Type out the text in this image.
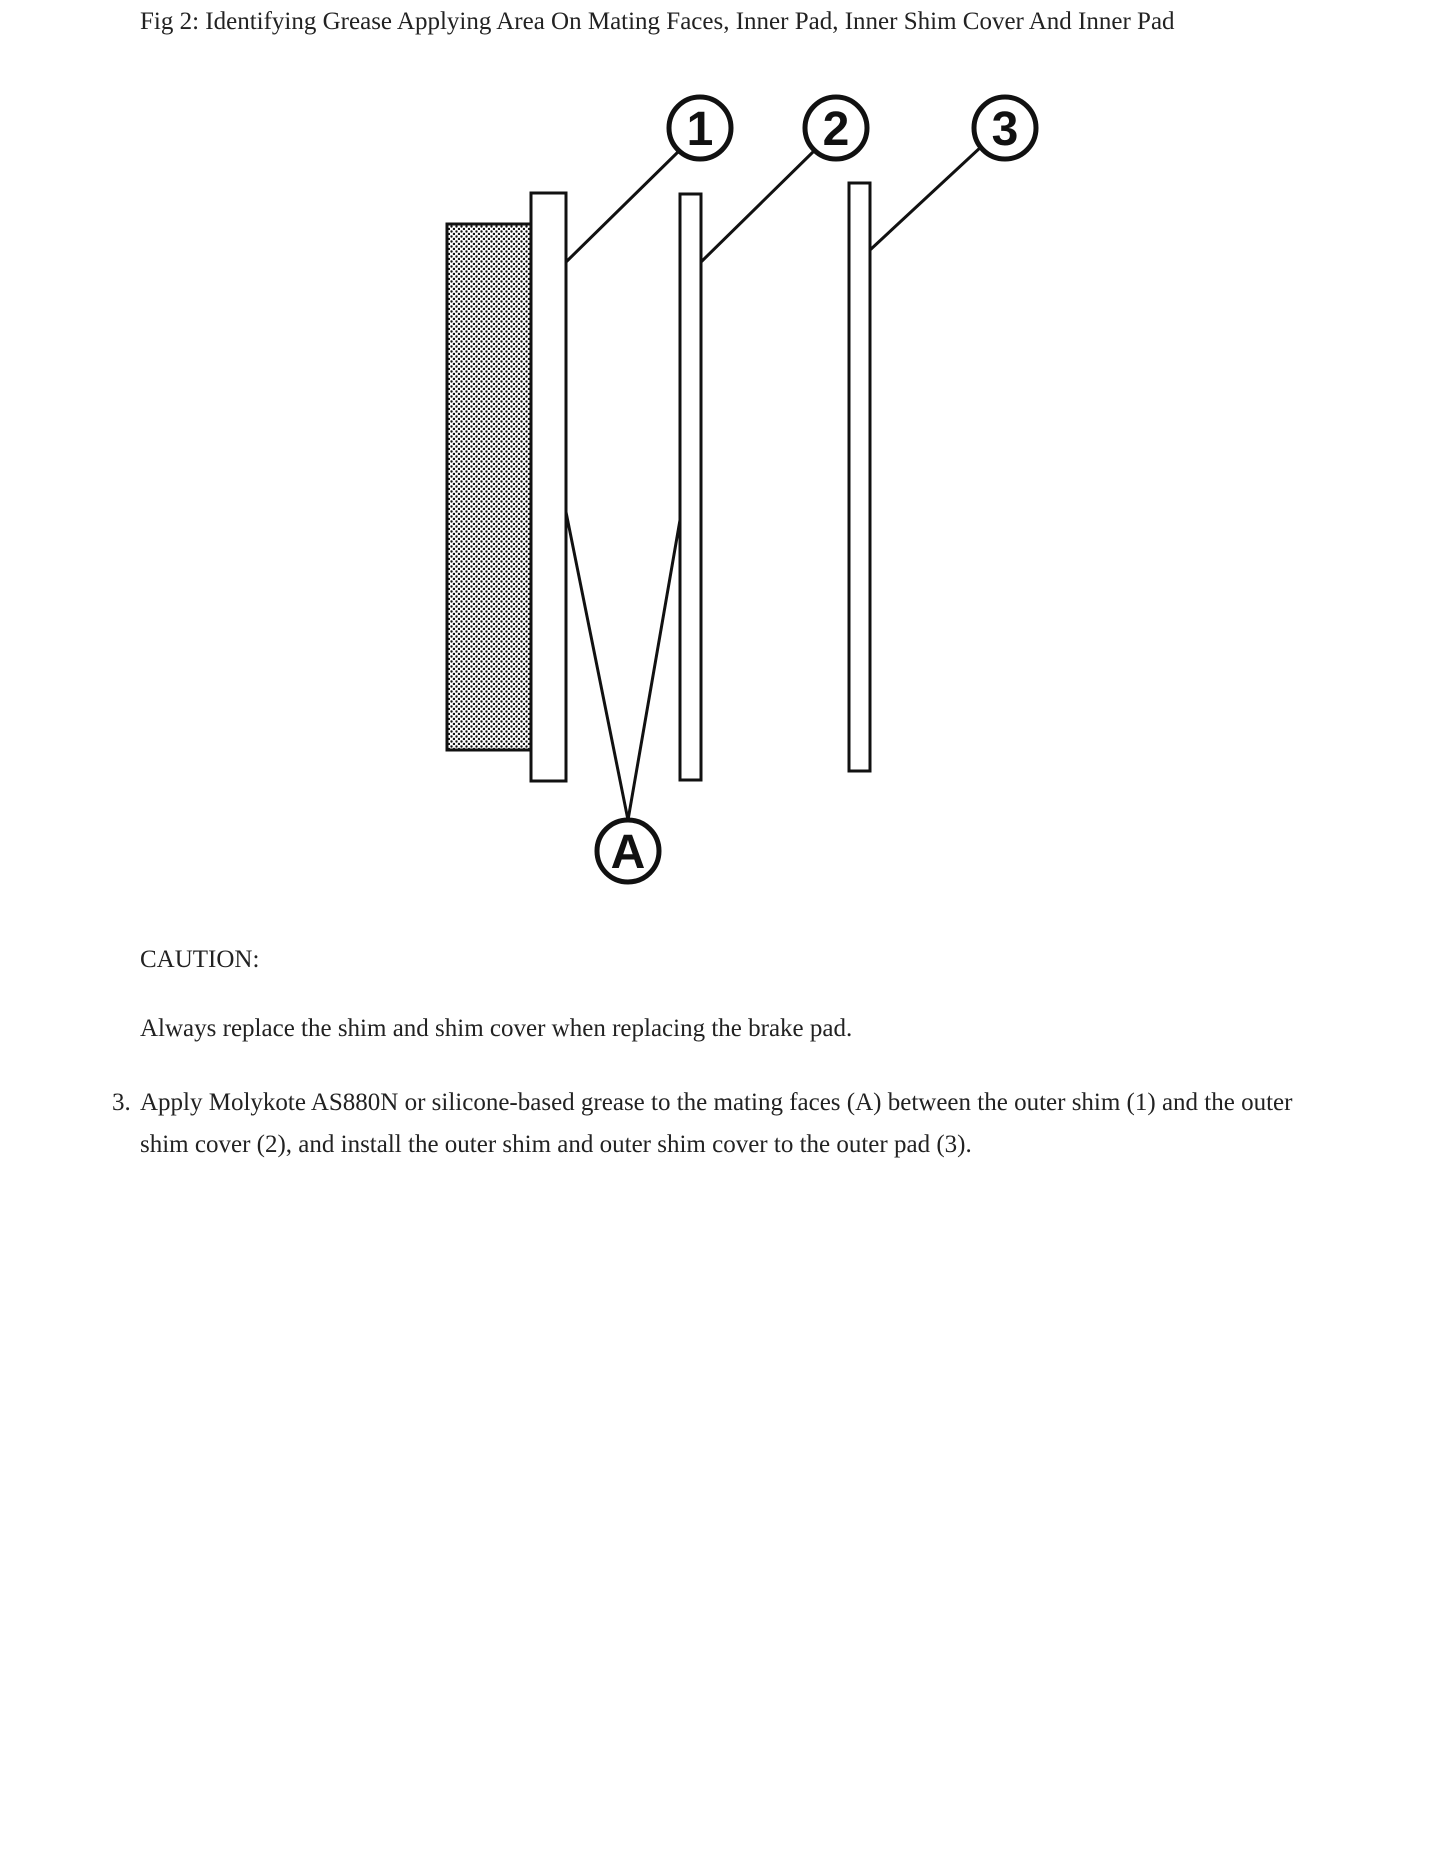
Fig 2: Identifying Grease Applying Area On Mating Faces, Inner Pad, Inner Shim Cover And Inner Pad
1 2	3
A
CAUTION:
Always replace the shim and shim cover when replacing the brake pad.
3. Apply Molykote AS880N or silicone-based grease to the mating faces (A) between the outer shim (1) and the outer shim cover (2), and install the outer shim and outer shim cover to the outer pad (3).
